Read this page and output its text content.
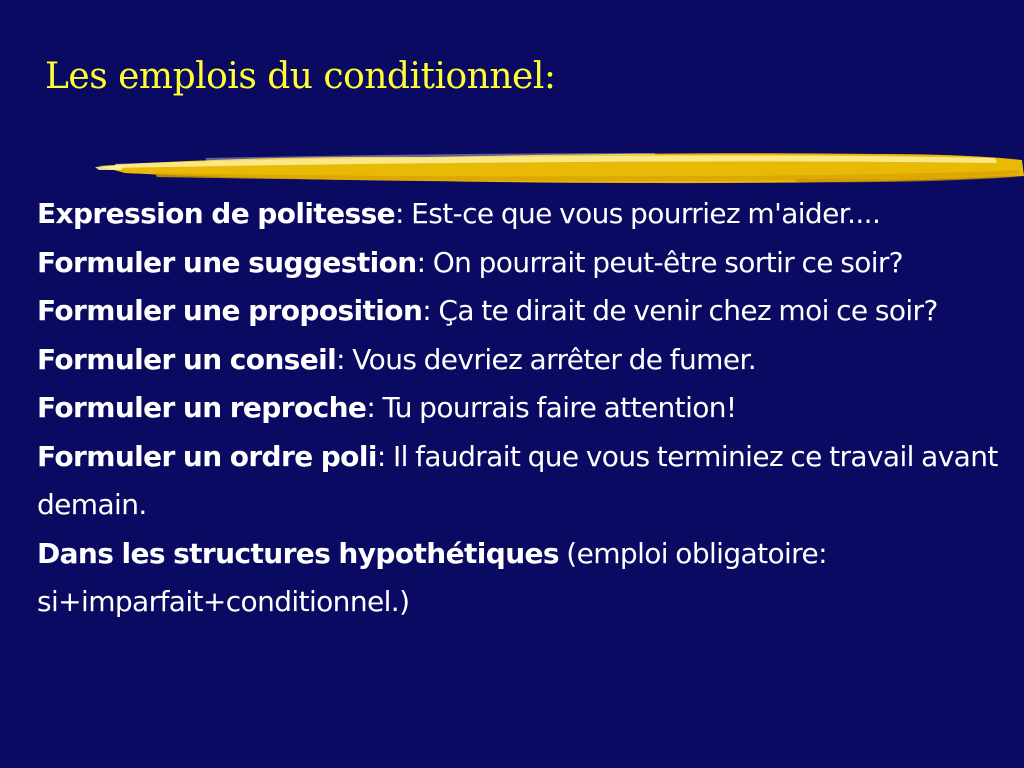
Les emplois du conditionnel:
Expression de politesse: Est-ce que vous pourriez m'aider....
Formuler une suggestion: On pourrait peut-être sortir ce soir?
Formuler une proposition: Ça te dirait de venir chez moi ce soir?
Formuler un conseil: Vous devriez arrêter de fumer.
Formuler un reproche: Tu pourrais faire attention!
Formuler un ordre poli: Il faudrait que vous terminiez ce travail avant demain.
Dans les structures hypothétiques (emploi obligatoire: si+imparfait+conditionnel.)
